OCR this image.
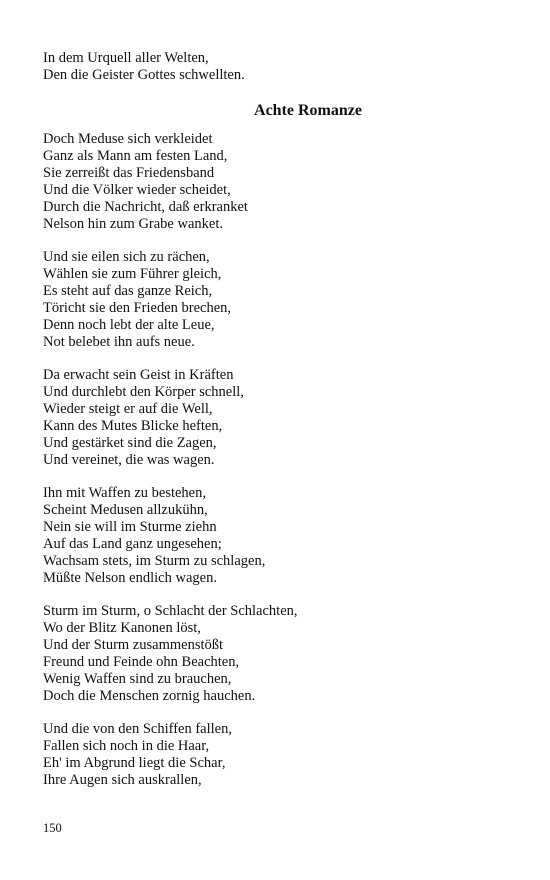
In dem Urquell aller Welten,
Den die Geister Gottes schwellten.
Achte Romanze
Doch Meduse sich verkleidet
Ganz als Mann am festen Land,
Sie zerreißt das Friedensband
Und die Völker wieder scheidet,
Durch die Nachricht, daß erkranket
Nelson hin zum Grabe wanket.
Und sie eilen sich zu rächen,
Wählen sie zum Führer gleich,
Es steht auf das ganze Reich,
Töricht sie den Frieden brechen,
Denn noch lebt der alte Leue,
Not belebet ihn aufs neue.
Da erwacht sein Geist in Kräften
Und durchlebt den Körper schnell,
Wieder steigt er auf die Well,
Kann des Mutes Blicke heften,
Und gestärket sind die Zagen,
Und vereinet, die was wagen.
Ihn mit Waffen zu bestehen,
Scheint Medusen allzukühn,
Nein sie will im Sturme ziehn
Auf das Land ganz ungesehen;
Wachsam stets, im Sturm zu schlagen,
Müßte Nelson endlich wagen.
Sturm im Sturm, o Schlacht der Schlachten,
Wo der Blitz Kanonen löst,
Und der Sturm zusammenstößt
Freund und Feinde ohn Beachten,
Wenig Waffen sind zu brauchen,
Doch die Menschen zornig hauchen.
Und die von den Schiffen fallen,
Fallen sich noch in die Haar,
Eh' im Abgrund liegt die Schar,
Ihre Augen sich auskrallen,
150
